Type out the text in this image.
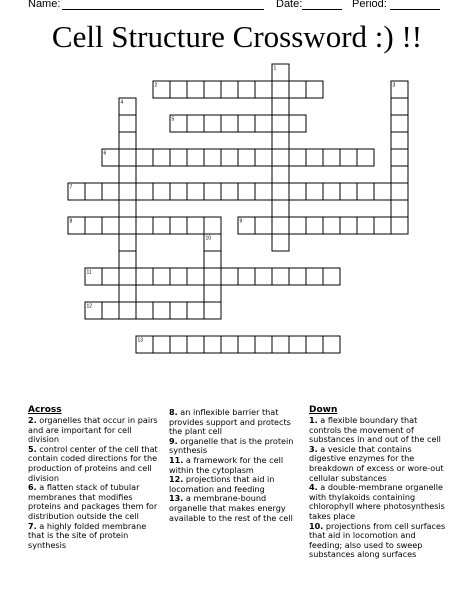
Name:	Date:	Period:
Cell Structure Crossword :) !!
1
2	3
4
5
6
7
8	9
10
11
12
13
Across
2. organelles that occur in pairs and are important for cell division
5. control center of the cell that contain coded directions for the production of proteins and cell division
6. a flatten stack of tubular membranes that modifies proteins and packages them for distribution outside the cell
7. a highly folded membrane that is the site of protein synthesis
8. an inflexible barrier that provides support and protects the plant cell
9. organelle that is the protein synthesis
11. a framework for the cell within the cytoplasm
12. projections that aid in locomation and feeding
13. a membrane-bound organelle that makes energy available to the rest of the cell
Down
1. a flexible boundary that controls the movement of substances in and out of the cell
3. a vesicle that contains digestive enzymes for the breakdown of excess or wore-out cellular substances
4. a double-membrane organelle with thylakoids containing chlorophyll where photosynthesis takes place
10. projections from cell surfaces that aid in locomotion and feeding; also used to sweep substances along surfaces
